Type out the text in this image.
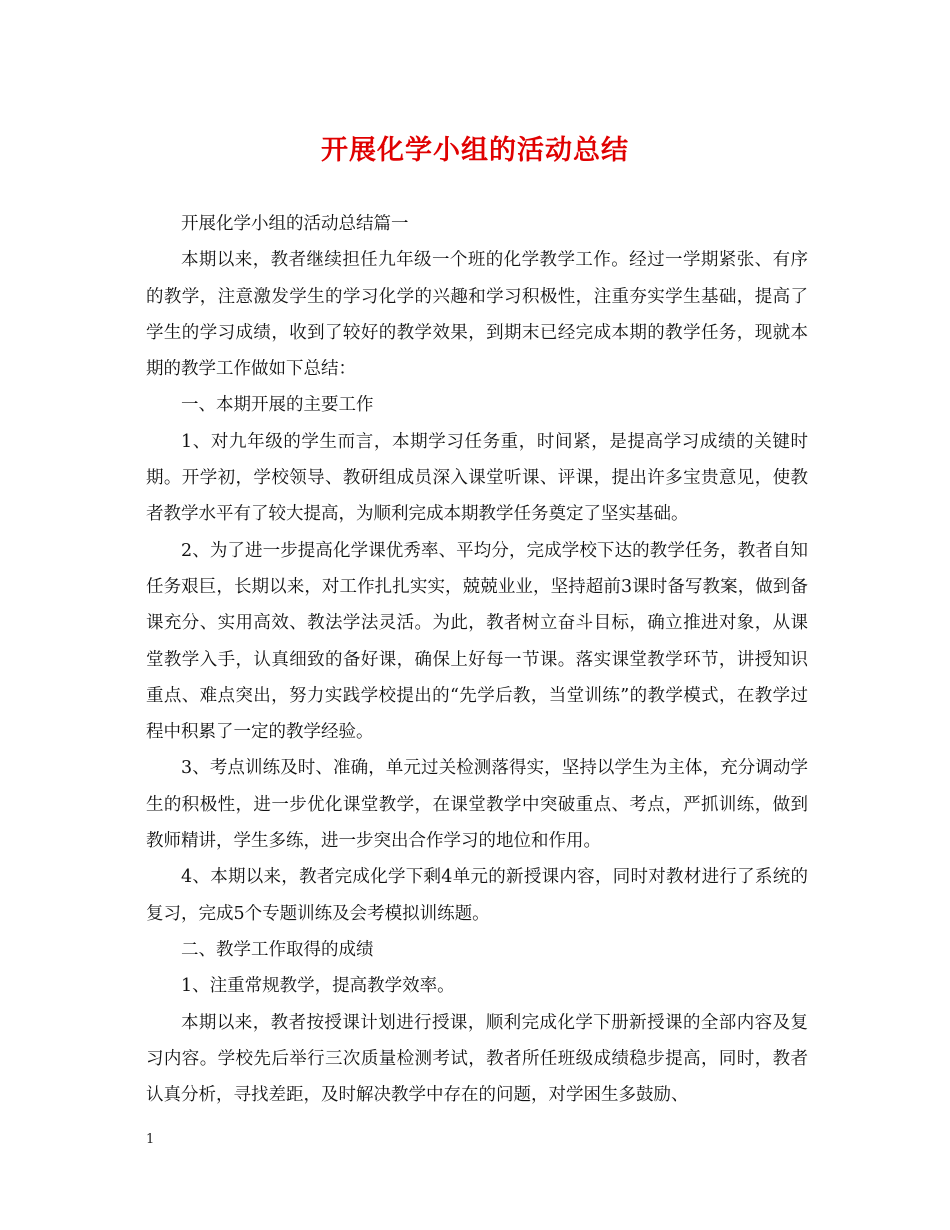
开展化学小组的活动总结

开展化学小组的活动总结篇一

本期以来，教者继续担任九年级一个班的化学教学工作。经过一学期紧张、有序的教学，注意激发学生的学习化学的兴趣和学习积极性，注重夯实学生基础，提高了学生的学习成绩，收到了较好的教学效果，到期末已经完成本期的教学任务，现就本期的教学工作做如下总结：

一、本期开展的主要工作

1、对九年级的学生而言，本期学习任务重，时间紧，是提高学习成绩的关键时期。开学初，学校领导、教研组成员深入课堂听课、评课，提出许多宝贵意见，使教者教学水平有了较大提高，为顺利完成本期教学任务奠定了坚实基础。

2、为了进一步提高化学课优秀率、平均分，完成学校下达的教学任务，教者自知任务艰巨，长期以来，对工作扎扎实实，兢兢业业，坚持超前3课时备写教案，做到备课充分、实用高效、教法学法灵活。为此，教者树立奋斗目标，确立推进对象，从课堂教学入手，认真细致的备好课，确保上好每一节课。落实课堂教学环节，讲授知识重点、难点突出，努力实践学校提出的“先学后教，当堂训练”的教学模式，在教学过程中积累了一定的教学经验。

3、考点训练及时、准确，单元过关检测落得实，坚持以学生为主体，充分调动学生的积极性，进一步优化课堂教学，在课堂教学中突破重点、考点，严抓训练，做到教师精讲，学生多练，进一步突出合作学习的地位和作用。

4、本期以来，教者完成化学下剩4单元的新授课内容，同时对教材进行了系统的复习，完成5个专题训练及会考模拟训练题。

二、教学工作取得的成绩

1、注重常规教学，提高教学效率。

本期以来，教者按授课计划进行授课，顺利完成化学下册新授课的全部内容及复习内容。学校先后举行三次质量检测考试，教者所任班级成绩稳步提高，同时，教者认真分析，寻找差距，及时解决教学中存在的问题，对学困生多鼓励、

1
